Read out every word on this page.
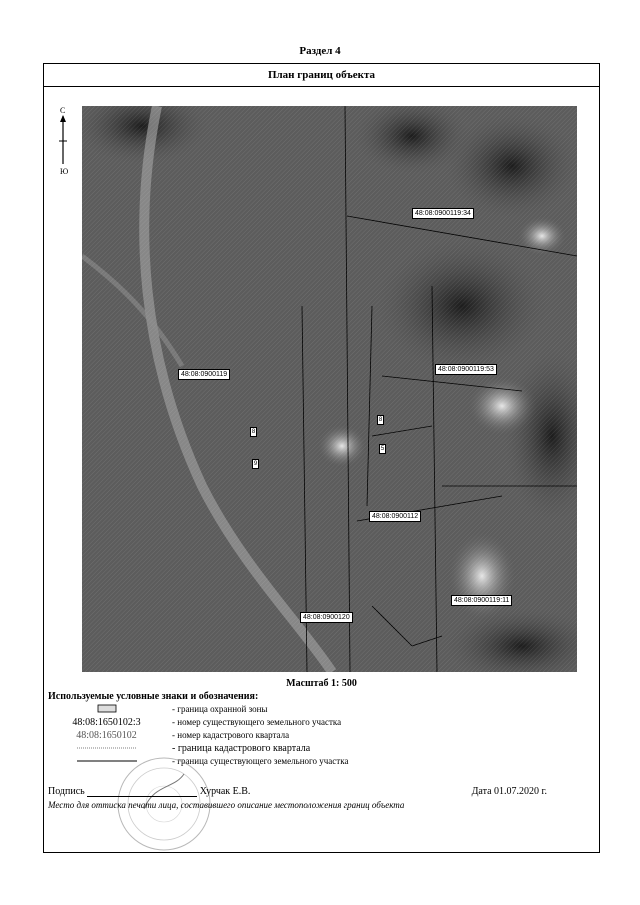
Раздел 4
План границ объекта
С
Ю
48:08:0900119:34
48:08:0900119
48:08:0900119:53
48:08:0900112
48:08:0900119:11
48:08:0900120
8
9
8
5
Масштаб 1: 500
Используемые условные знаки и обозначения:
- граница охранной зоны
48:08:1650102:3	- номер существующего земельного участка
48:08:1650102	- номер кадастрового квартала
- граница кадастрового квартала
- граница существующего земельного участка
Подпись	Хурчак Е.В.	Дата 01.07.2020 г.
Место для оттиска печати лица, составившего описание местоположения границ объекта
